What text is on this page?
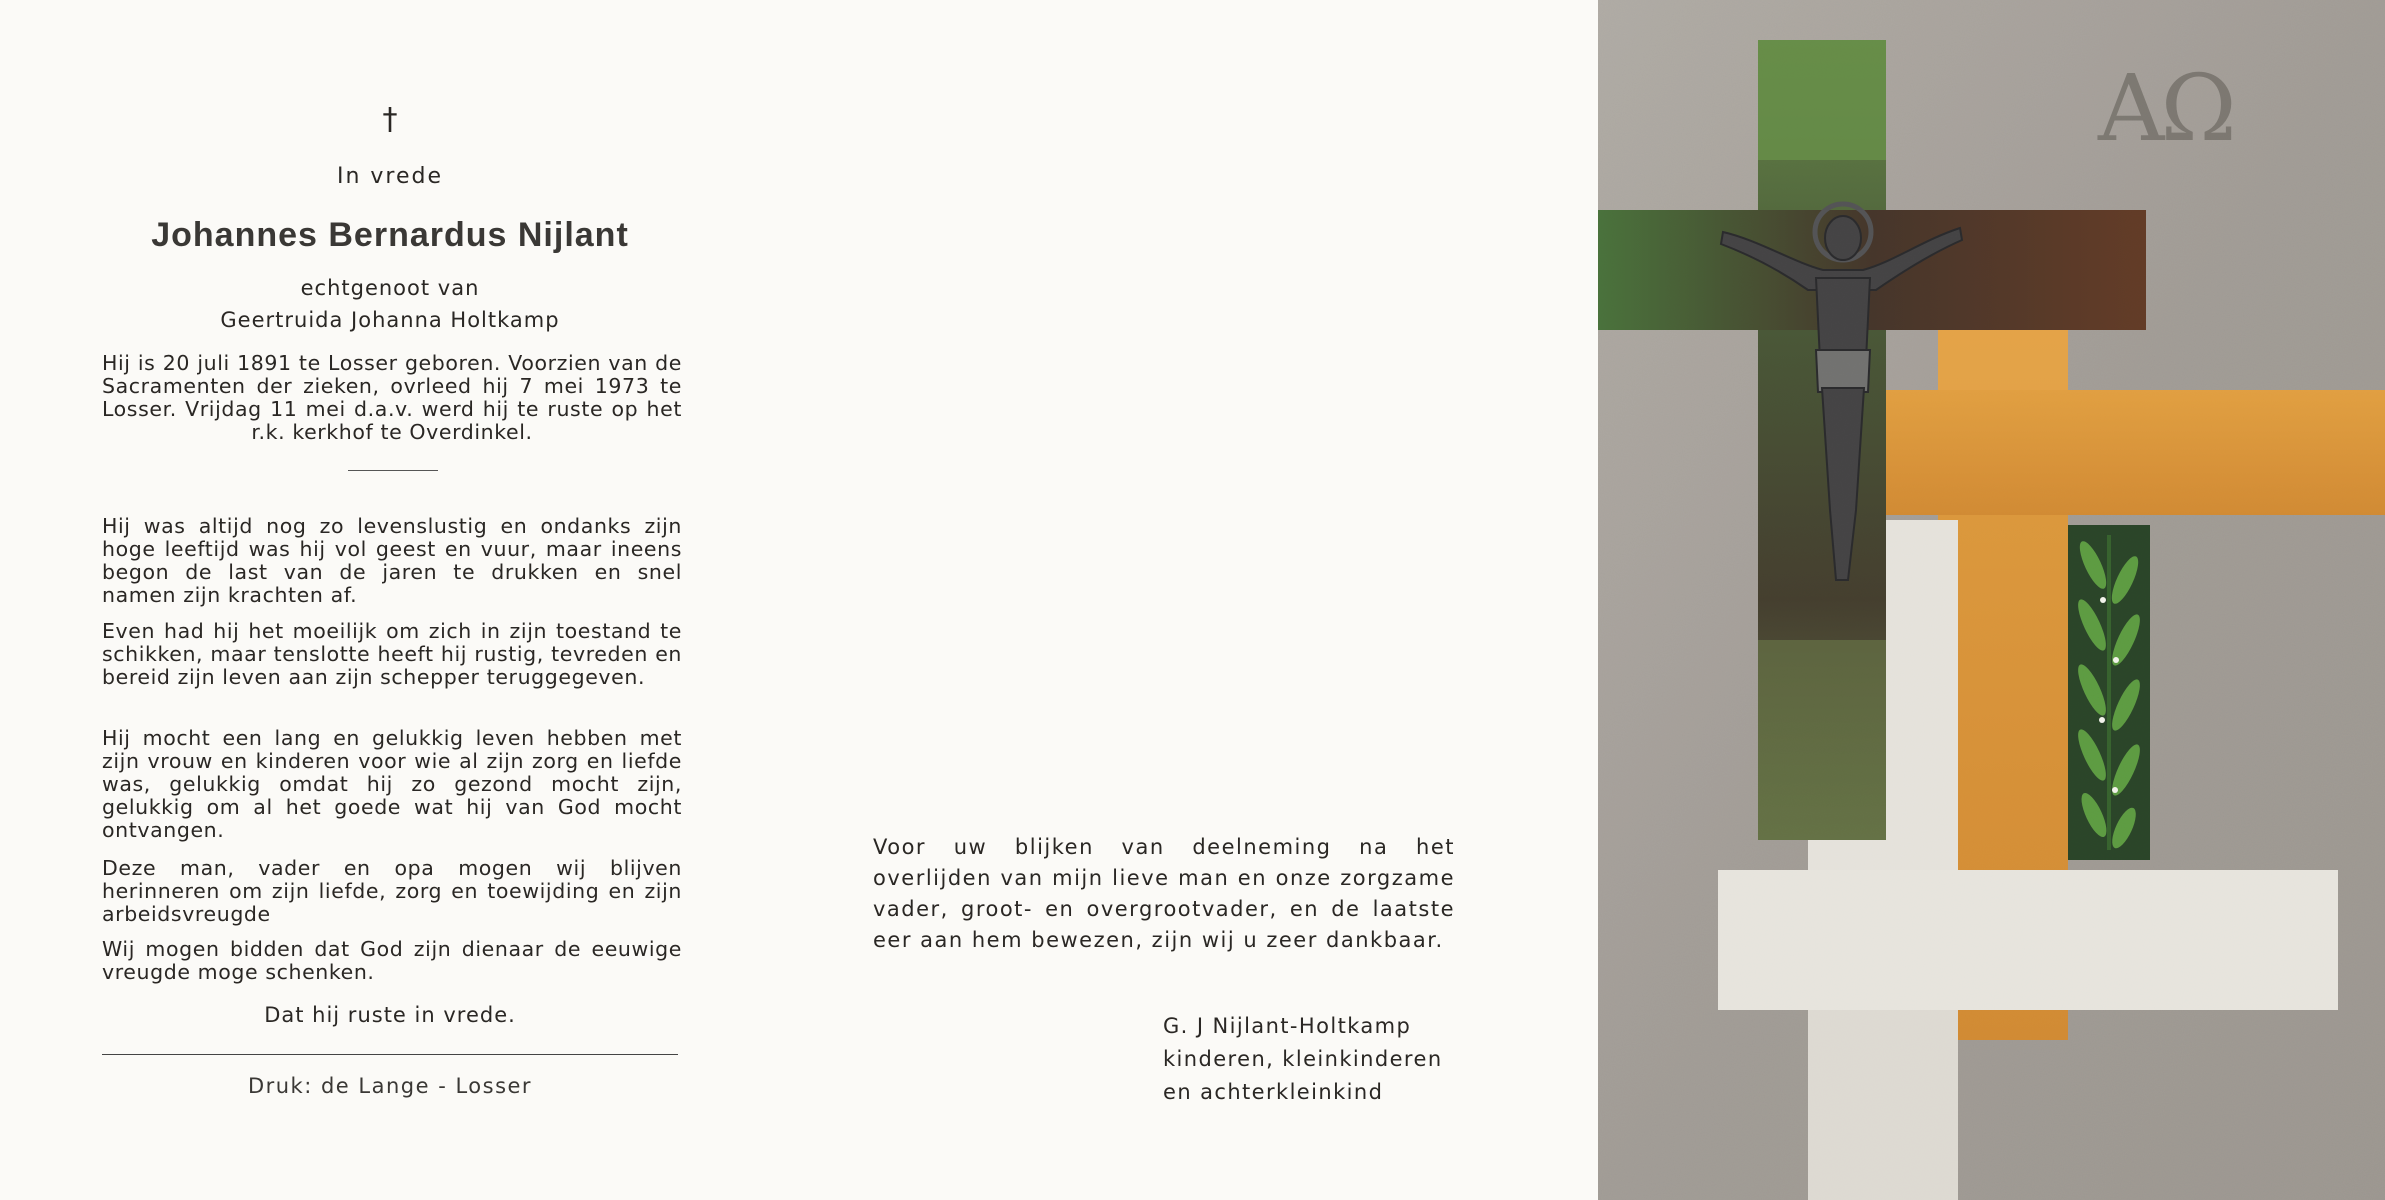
†
In vrede
Johannes Bernardus Nijlant
echtgenoot van
Geertruida Johanna Holtkamp

Hij is 20 juli 1891 te Losser geboren. Voorzien van de Sacramenten der zieken, ovrleed hij 7 mei 1973 te Losser. Vrijdag 11 mei d.a.v. werd hij te ruste op het r.k. kerkhof te Overdinkel.

Hij was altijd nog zo levenslustig en ondanks zijn hoge leeftijd was hij vol geest en vuur, maar ineens begon de last van de jaren te drukken en snel namen zijn krachten af.

Even had hij het moeilijk om zich in zijn toestand te schikken, maar tenslotte heeft hij rustig, tevreden en bereid zijn leven aan zijn schepper teruggegeven.

Hij mocht een lang en gelukkig leven hebben met zijn vrouw en kinderen voor wie al zijn zorg en liefde was, gelukkig omdat hij zo gezond mocht zijn, gelukkig om al het goede wat hij van God mocht ontvangen.

Deze man, vader en opa mogen wij blijven herinneren om zijn liefde, zorg en toewijding en zijn arbeidsvreugde

Wij mogen bidden dat God zijn dienaar de eeuwige vreugde moge schenken.

Dat hij ruste in vrede.
Druk: de Lange - Losser

Voor uw blijken van deelneming na het overlijden van mijn lieve man en onze zorgzame vader, groot- en overgrootvader, en de laatste eer aan hem bewezen, zijn wij u zeer dankbaar.

G. J Nijlant-Holtkamp
kinderen, kleinkinderen
en achterkleinkind
AΩ
